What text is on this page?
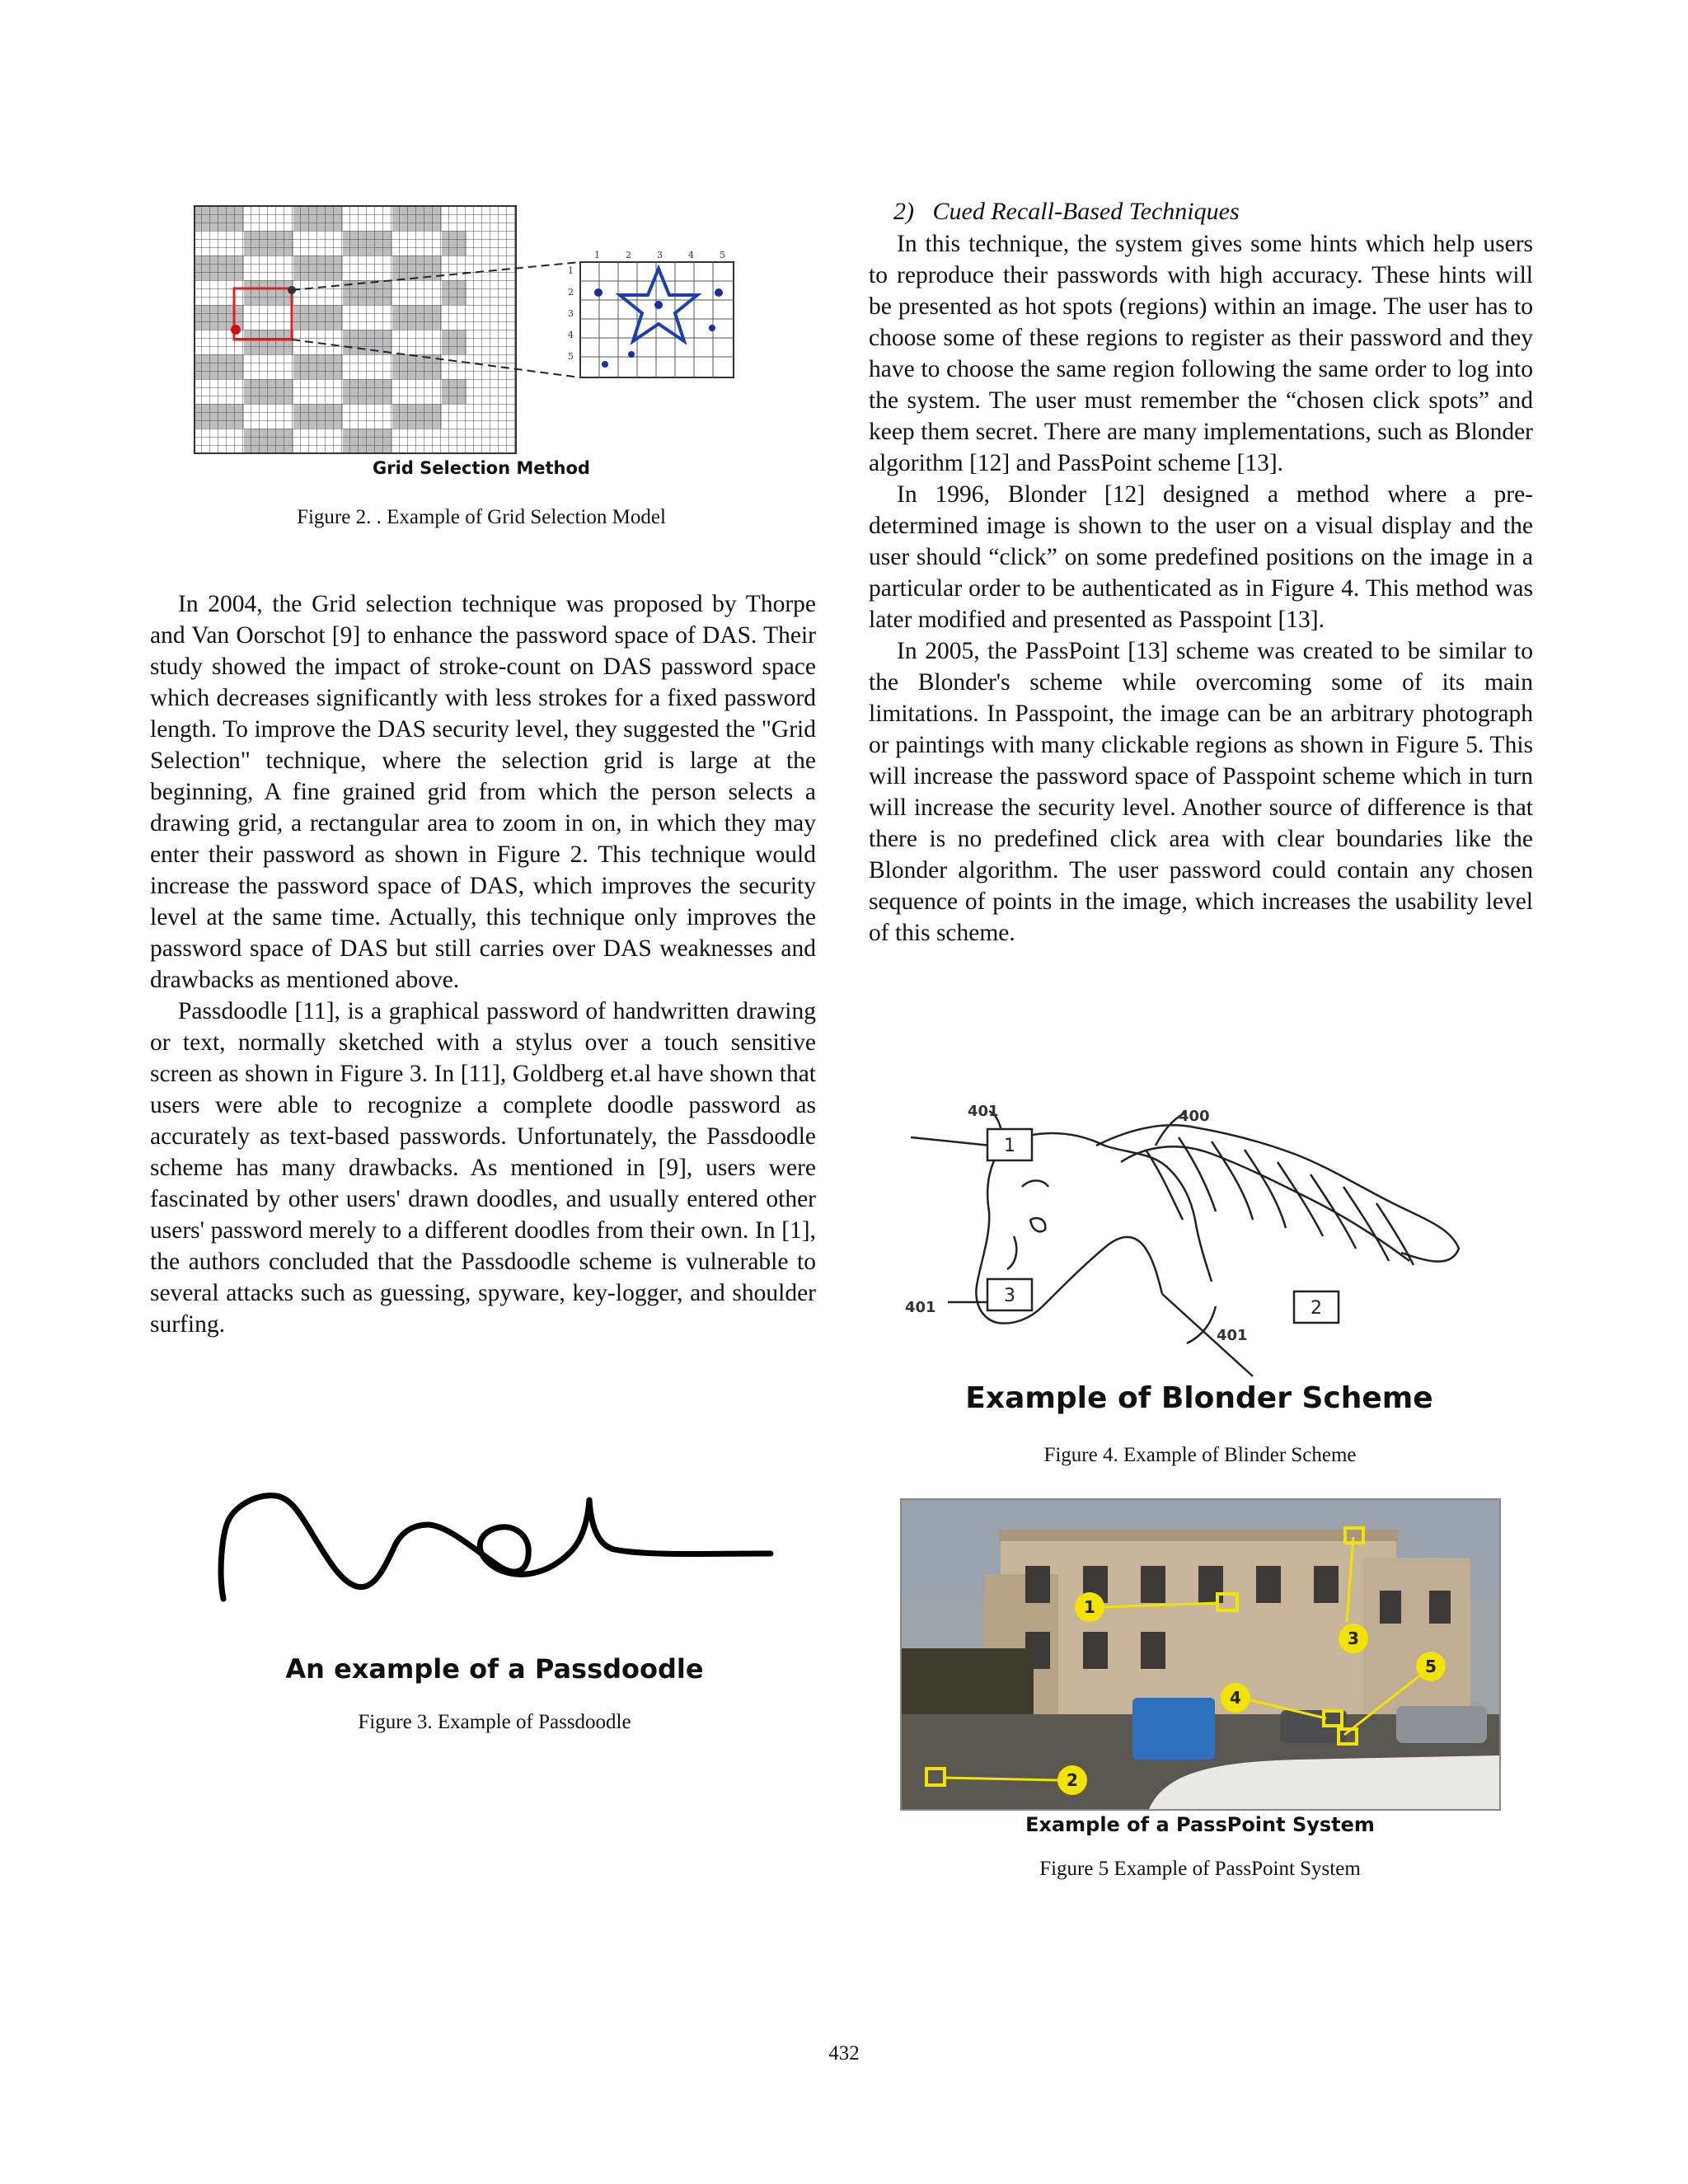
1	2	3	4	5
1
2
3
4
5
Grid Selection Method
Figure 2. . Example of Grid Selection Model

In 2004, the Grid selection technique was proposed by Thorpe and Van Oorschot [9] to enhance the password space of DAS. Their study showed the impact of stroke-count on DAS password space which decreases significantly with less strokes for a fixed password length. To improve the DAS security level, they suggested the "Grid Selection" technique, where the selection grid is large at the beginning, A fine grained grid from which the person selects a drawing grid, a rectangular area to zoom in on, in which they may enter their password as shown in Figure 2. This technique would increase the password space of DAS, which improves the security level at the same time. Actually, this technique only improves the password space of DAS but still carries over DAS weaknesses and drawbacks as mentioned above.

Passdoodle [11], is a graphical password of handwritten drawing or text, normally sketched with a stylus over a touch sensitive screen as shown in Figure 3. In [11], Goldberg et.al have shown that users were able to recognize a complete doodle password as accurately as text-based passwords. Unfortunately, the Passdoodle scheme has many drawbacks. As mentioned in [9], users were fascinated by other users' drawn doodles, and usually entered other users' password merely to a different doodles from their own. In [1], the authors concluded that the Passdoodle scheme is vulnerable to several attacks such as guessing, spyware, key-logger, and shoulder surfing.

An example of a Passdoodle
Figure 3. Example of Passdoodle
2)   Cued Recall-Based Techniques

In this technique, the system gives some hints which help users to reproduce their passwords with high accuracy. These hints will be presented as hot spots (regions) within an image. The user has to choose some of these regions to register as their password and they have to choose the same region following the same order to log into the system. The user must remember the “chosen click spots” and keep them secret. There are many implementations, such as Blonder algorithm [12] and PassPoint scheme [13].

In 1996, Blonder [12] designed a method where a pre-determined image is shown to the user on a visual display and the user should “click” on some predefined positions on the image in a particular order to be authenticated as in Figure 4. This method was later modified and presented as Passpoint [13].

In 2005, the PassPoint [13] scheme was created to be similar to the Blonder's scheme while overcoming some of its main limitations. In Passpoint, the image can be an arbitrary photograph or paintings with many clickable regions as shown in Figure 5. This will increase the password space of Passpoint scheme which in turn will increase the security level. Another source of difference is that there is no predefined click area with clear boundaries like the Blonder algorithm. The user password could contain any chosen sequence of points in the image, which increases the usability level of this scheme.

1
3
2
401	400
401
401
Example of Blonder Scheme
Figure 4. Example of Blinder Scheme
1
2
3
4
5
Example of a PassPoint System
Figure 5 Example of PassPoint System
432
